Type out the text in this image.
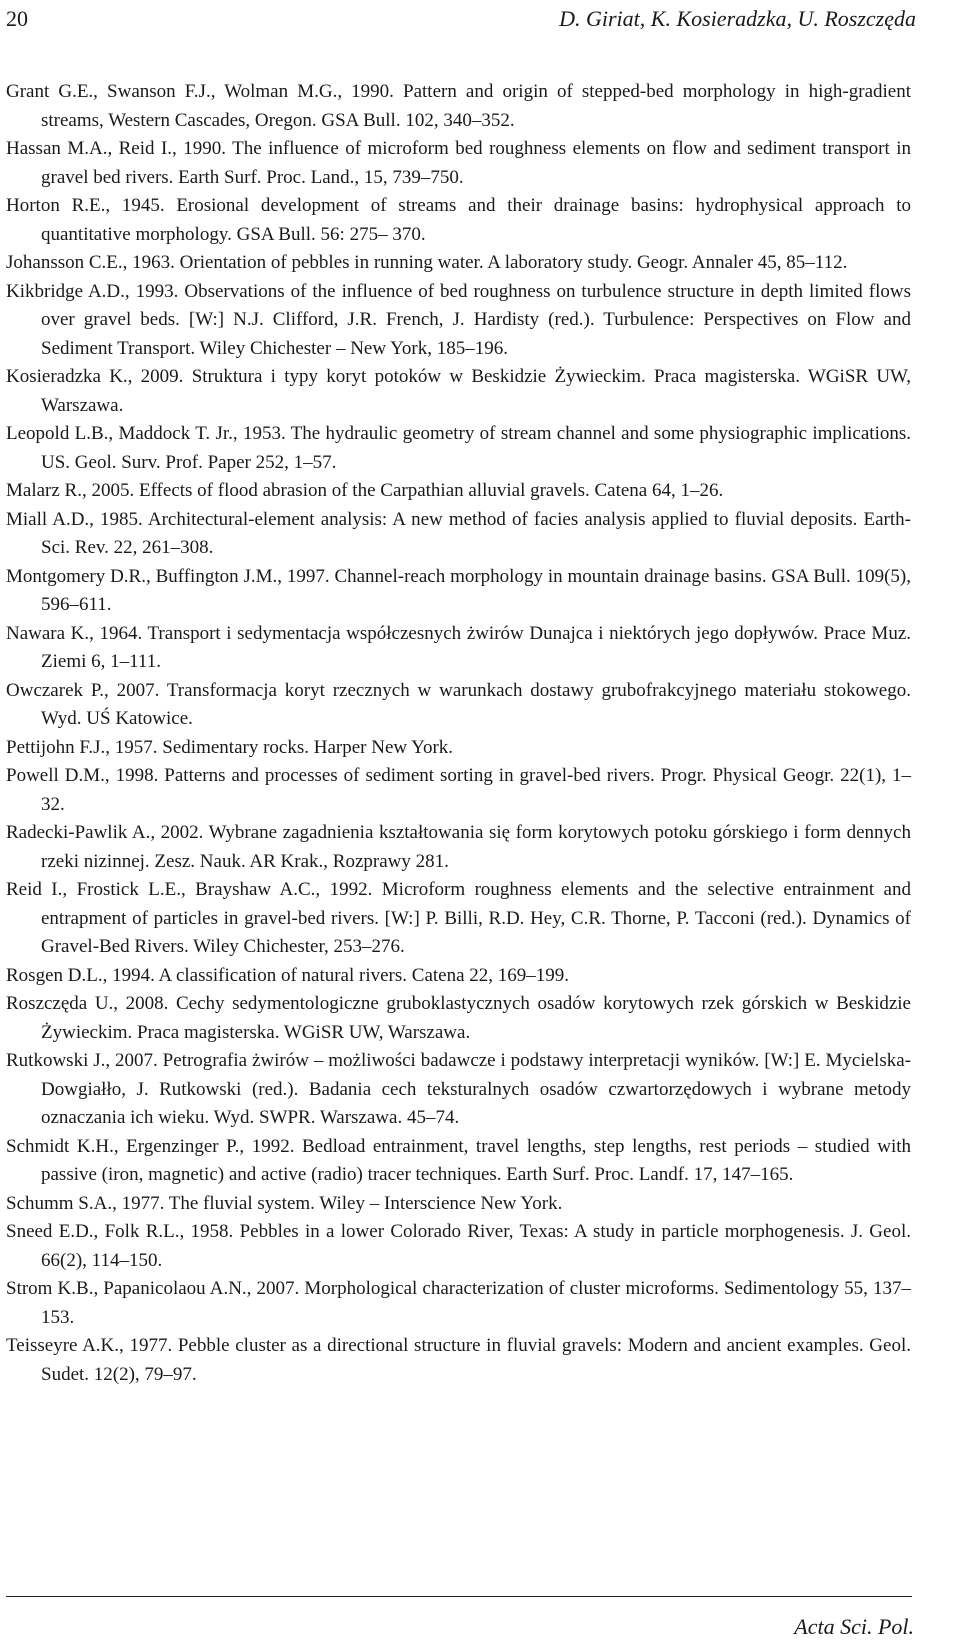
20	D. Giriat, K. Kosieradzka, U. Roszczęda
Grant G.E., Swanson F.J., Wolman M.G., 1990. Pattern and origin of stepped-bed morphology in high-gradient streams, Western Cascades, Oregon. GSA Bull. 102, 340–352.
Hassan M.A., Reid I., 1990. The influence of microform bed roughness elements on flow and sediment transport in gravel bed rivers. Earth Surf. Proc. Land., 15, 739–750.
Horton R.E., 1945. Erosional development of streams and their drainage basins: hydrophysical approach to quantitative morphology. GSA Bull. 56: 275– 370.
Johansson C.E., 1963. Orientation of pebbles in running water. A laboratory study. Geogr. Annaler 45, 85–112.
Kikbridge A.D., 1993. Observations of the influence of bed roughness on turbulence structure in depth limited flows over gravel beds. [W:] N.J. Clifford, J.R. French, J. Hardisty (red.). Turbulence: Perspectives on Flow and Sediment Transport. Wiley Chichester – New York, 185–196.
Kosieradzka K., 2009. Struktura i typy koryt potoków w Beskidzie Żywieckim. Praca magisterska. WGiSR UW, Warszawa.
Leopold L.B., Maddock T. Jr., 1953. The hydraulic geometry of stream channel and some physiographic implications. US. Geol. Surv. Prof. Paper 252, 1–57.
Malarz R., 2005. Effects of flood abrasion of the Carpathian alluvial gravels. Catena 64, 1–26.
Miall A.D., 1985. Architectural-element analysis: A new method of facies analysis applied to fluvial deposits. Earth-Sci. Rev. 22, 261–308.
Montgomery D.R., Buffington J.M., 1997. Channel-reach morphology in mountain drainage basins. GSA Bull. 109(5), 596–611.
Nawara K., 1964. Transport i sedymentacja współczesnych żwirów Dunajca i niektórych jego dopływów. Prace Muz. Ziemi 6, 1–111.
Owczarek P., 2007. Transformacja koryt rzecznych w warunkach dostawy grubofrakcyjnego materiału stokowego. Wyd. UŚ Katowice.
Pettijohn F.J., 1957. Sedimentary rocks. Harper New York.
Powell D.M., 1998. Patterns and processes of sediment sorting in gravel-bed rivers. Progr. Physical Geogr. 22(1), 1–32.
Radecki-Pawlik A., 2002. Wybrane zagadnienia kształtowania się form korytowych potoku górskiego i form dennych rzeki nizinnej. Zesz. Nauk. AR Krak., Rozprawy 281.
Reid I., Frostick L.E., Brayshaw A.C., 1992. Microform roughness elements and the selective entrainment and entrapment of particles in gravel-bed rivers. [W:] P. Billi, R.D. Hey, C.R. Thorne, P. Tacconi (red.). Dynamics of Gravel-Bed Rivers. Wiley Chichester, 253–276.
Rosgen D.L., 1994. A classification of natural rivers. Catena 22, 169–199.
Roszczęda U., 2008. Cechy sedymentologiczne gruboklastycznych osadów korytowych rzek górskich w Beskidzie Żywieckim. Praca magisterska. WGiSR UW, Warszawa.
Rutkowski J., 2007. Petrografia żwirów – możliwości badawcze i podstawy interpretacji wyników. [W:] E. Mycielska-Dowgiałło, J. Rutkowski (red.). Badania cech teksturalnych osadów czwartorzędowych i wybrane metody oznaczania ich wieku. Wyd. SWPR. Warszawa. 45–74.
Schmidt K.H., Ergenzinger P., 1992. Bedload entrainment, travel lengths, step lengths, rest periods – studied with passive (iron, magnetic) and active (radio) tracer techniques. Earth Surf. Proc. Landf. 17, 147–165.
Schumm S.A., 1977. The fluvial system. Wiley – Interscience New York.
Sneed E.D., Folk R.L., 1958. Pebbles in a lower Colorado River, Texas: A study in particle morphogenesis. J. Geol. 66(2), 114–150.
Strom K.B., Papanicolaou A.N., 2007. Morphological characterization of cluster microforms. Sedimentology 55, 137–153.
Teisseyre A.K., 1977. Pebble cluster as a directional structure in fluvial gravels: Modern and ancient examples. Geol. Sudet. 12(2), 79–97.
Acta Sci. Pol.
